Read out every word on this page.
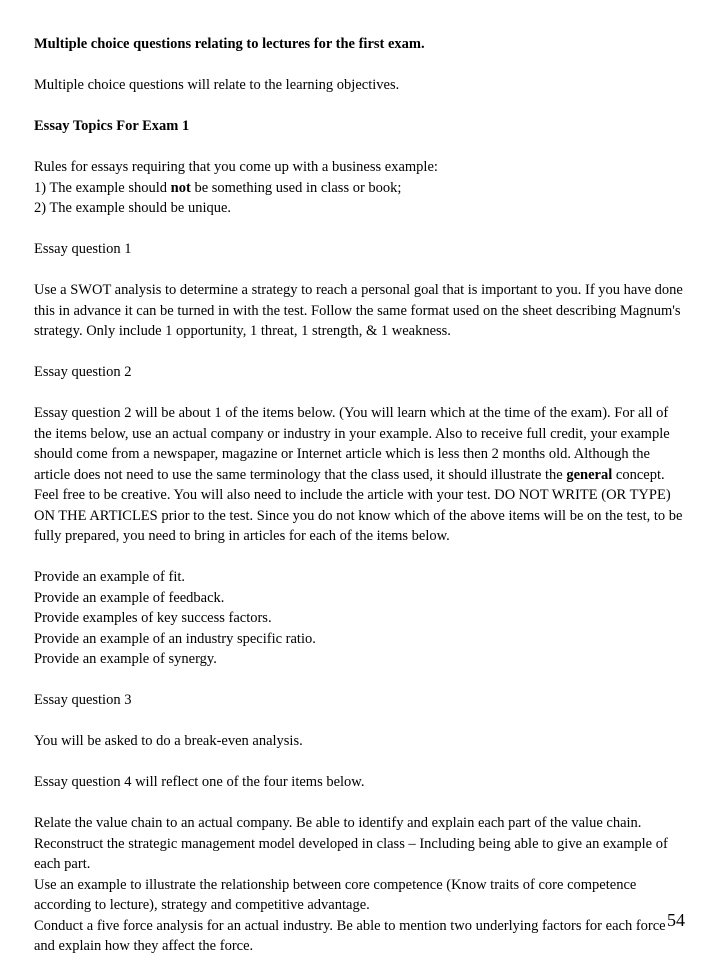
Multiple choice questions relating to lectures for the first exam.

Multiple choice questions will relate to the learning objectives.

Essay Topics For Exam 1

Rules for essays requiring that you come up with a business example:

1) The example should not be something used in class or book;

2) The example should be unique.

Essay question 1

Use a SWOT analysis to determine a strategy to reach a personal goal that is important to you. If you have done this in advance it can be turned in with the test. Follow the same format used on the sheet describing Magnum's strategy. Only include 1 opportunity, 1 threat, 1 strength, & 1 weakness.

Essay question 2

Essay question 2 will be about 1 of the items below. (You will learn which at the time of the exam). For all of the items below, use an actual company or industry in your example. Also to receive full credit, your example should come from a newspaper, magazine or Internet article which is less then 2 months old. Although the article does not need to use the same terminology that the class used, it should illustrate the general concept. Feel free to be creative. You will also need to include the article with your test. DO NOT WRITE (OR TYPE) ON THE ARTICLES prior to the test. Since you do not know which of the above items will be on the test, to be fully prepared, you need to bring in articles for each of the items below.

Provide an example of fit.

Provide an example of feedback.

Provide examples of key success factors.

Provide an example of an industry specific ratio.

Provide an example of synergy.

Essay question 3

You will be asked to do a break-even analysis.

Essay question 4 will reflect one of the four items below.

Relate the value chain to an actual company. Be able to identify and explain each part of the value chain.

Reconstruct the strategic management model developed in class – Including being able to give an example of each part.

Use an example to illustrate the relationship between core competence (Know traits of core competence according to lecture), strategy and competitive advantage.

Conduct a five force analysis for an actual industry. Be able to mention two underlying factors for each force and explain how they affect the force.

54
